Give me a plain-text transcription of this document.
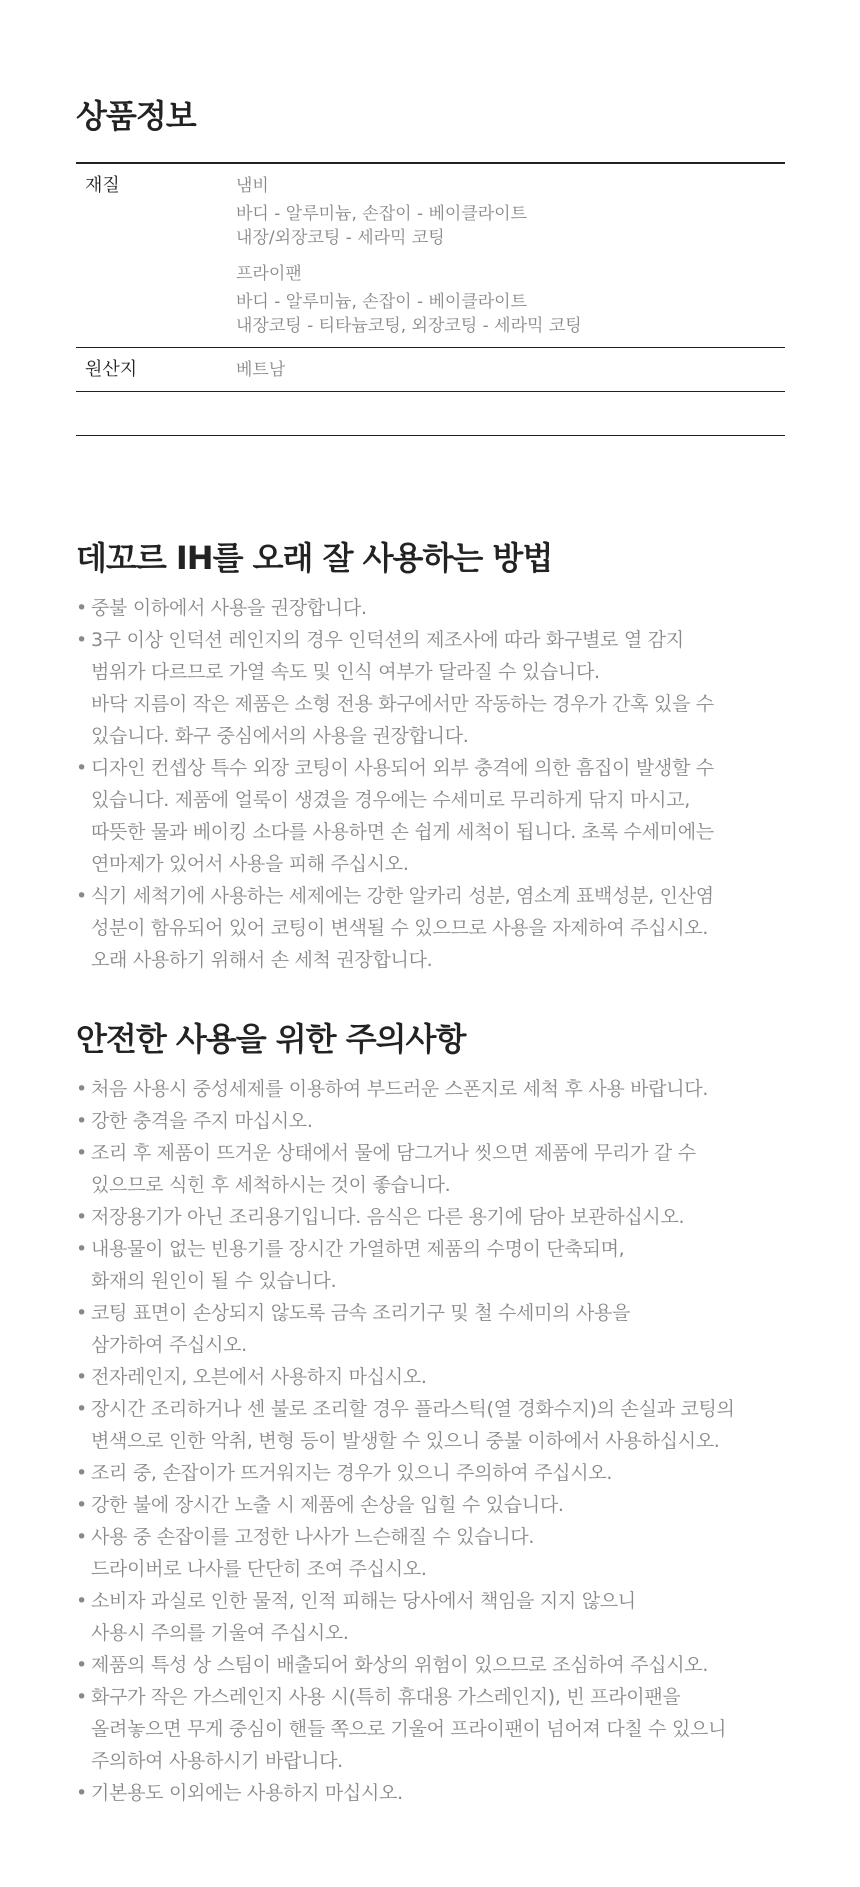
상품정보
재질	냄비
바디 - 알루미늄, 손잡이 - 베이클라이트
내장/외장코팅 - 세라믹 코팅
프라이팬
바디 - 알루미늄, 손잡이 - 베이클라이트
내장코팅 - 티타늄코팅, 외장코팅 - 세라믹 코팅
원산지	베트남
데꼬르 IH를 오래 잘 사용하는 방법
• 중불 이하에서 사용을 권장합니다.
• 3구 이상 인덕션 레인지의 경우 인덕션의 제조사에 따라 화구별로 열 감지
범위가 다르므로 가열 속도 및 인식 여부가 달라질 수 있습니다.
바닥 지름이 작은 제품은 소형 전용 화구에서만 작동하는 경우가 간혹 있을 수
있습니다. 화구 중심에서의 사용을 권장합니다.
• 디자인 컨셉상 특수 외장 코팅이 사용되어 외부 충격에 의한 흠집이 발생할 수
있습니다. 제품에 얼룩이 생겼을 경우에는 수세미로 무리하게 닦지 마시고,
따뜻한 물과 베이킹 소다를 사용하면 손 쉽게 세척이 됩니다. 초록 수세미에는
연마제가 있어서 사용을 피해 주십시오.
• 식기 세척기에 사용하는 세제에는 강한 알카리 성분, 염소계 표백성분, 인산염
성분이 함유되어 있어 코팅이 변색될 수 있으므로 사용을 자제하여 주십시오.
오래 사용하기 위해서 손 세척 권장합니다.
안전한 사용을 위한 주의사항
• 처음 사용시 중성세제를 이용하여 부드러운 스폰지로 세척 후 사용 바랍니다.
• 강한 충격을 주지 마십시오.
• 조리 후 제품이 뜨거운 상태에서 물에 담그거나 씻으면 제품에 무리가 갈 수
있으므로 식힌 후 세척하시는 것이 좋습니다.
• 저장용기가 아닌 조리용기입니다. 음식은 다른 용기에 담아 보관하십시오.
• 내용물이 없는 빈용기를 장시간 가열하면 제품의 수명이 단축되며,
화재의 원인이 될 수 있습니다.
• 코팅 표면이 손상되지 않도록 금속 조리기구 및 철 수세미의 사용을
삼가하여 주십시오.
• 전자레인지, 오븐에서 사용하지 마십시오.
• 장시간 조리하거나 센 불로 조리할 경우 플라스틱(열 경화수지)의 손실과 코팅의
변색으로 인한 악취, 변형 등이 발생할 수 있으니 중불 이하에서 사용하십시오.
• 조리 중, 손잡이가 뜨거워지는 경우가 있으니 주의하여 주십시오.
• 강한 불에 장시간 노출 시 제품에 손상을 입힐 수 있습니다.
• 사용 중 손잡이를 고정한 나사가 느슨해질 수 있습니다.
드라이버로 나사를 단단히 조여 주십시오.
• 소비자 과실로 인한 물적, 인적 피해는 당사에서 책임을 지지 않으니
사용시 주의를 기울여 주십시오.
• 제품의 특성 상 스팀이 배출되어 화상의 위험이 있으므로 조심하여 주십시오.
• 화구가 작은 가스레인지 사용 시(특히 휴대용 가스레인지), 빈 프라이팬을
올려놓으면 무게 중심이 핸들 쪽으로 기울어 프라이팬이 넘어져 다칠 수 있으니
주의하여 사용하시기 바랍니다.
• 기본용도 이외에는 사용하지 마십시오.
